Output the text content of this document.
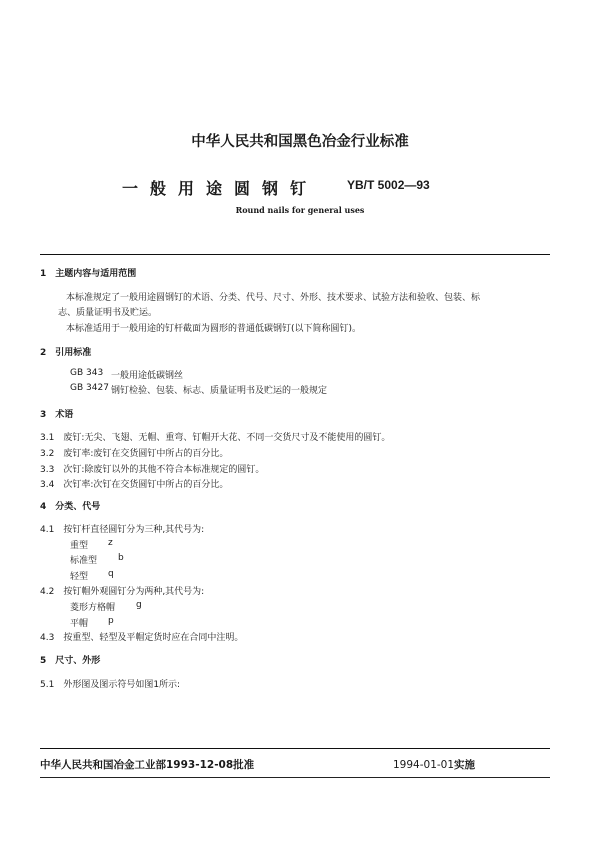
中华人民共和国黑色冶金行业标准
一般用途圆钢钉 YB/T 5002—93
Round nails for general uses
1　主题内容与适用范围
本标准规定了一般用途圆钢钉的术语、分类、代号、尺寸、外形、技术要求、试验方法和验收、包装、标
志、质量证明书及贮运。
本标准适用于一般用途的钉杆截面为圆形的普通低碳钢钉(以下简称圆钉)。
2　引用标准
GB 343 一般用途低碳钢丝
GB 3427 钢钉检验、包装、标志、质量证明书及贮运的一般规定
3　术语
3.1　废钉:无尖、飞翅、无帽、重弯、钉帽开大花、不同一交货尺寸及不能使用的圆钉。
3.2　废钉率:废钉在交货圆钉中所占的百分比。
3.3　次钉:除废钉以外的其他不符合本标准规定的圆钉。
3.4　次钉率:次钉在交货圆钉中所占的百分比。
4　分类、代号
4.1　按钉杆直径圆钉分为三种,其代号为:
重型 z
标准型 b
轻型 q
4.2　按钉帽外观圆钉分为两种,其代号为:
菱形方格帽 g
平帽 p
4.3　按重型、轻型及平帽定货时应在合同中注明。
5　尺寸、外形
5.1　外形图及图示符号如图1所示:
中华人民共和国冶金工业部1993-12-08批准	1994-01-01实施
